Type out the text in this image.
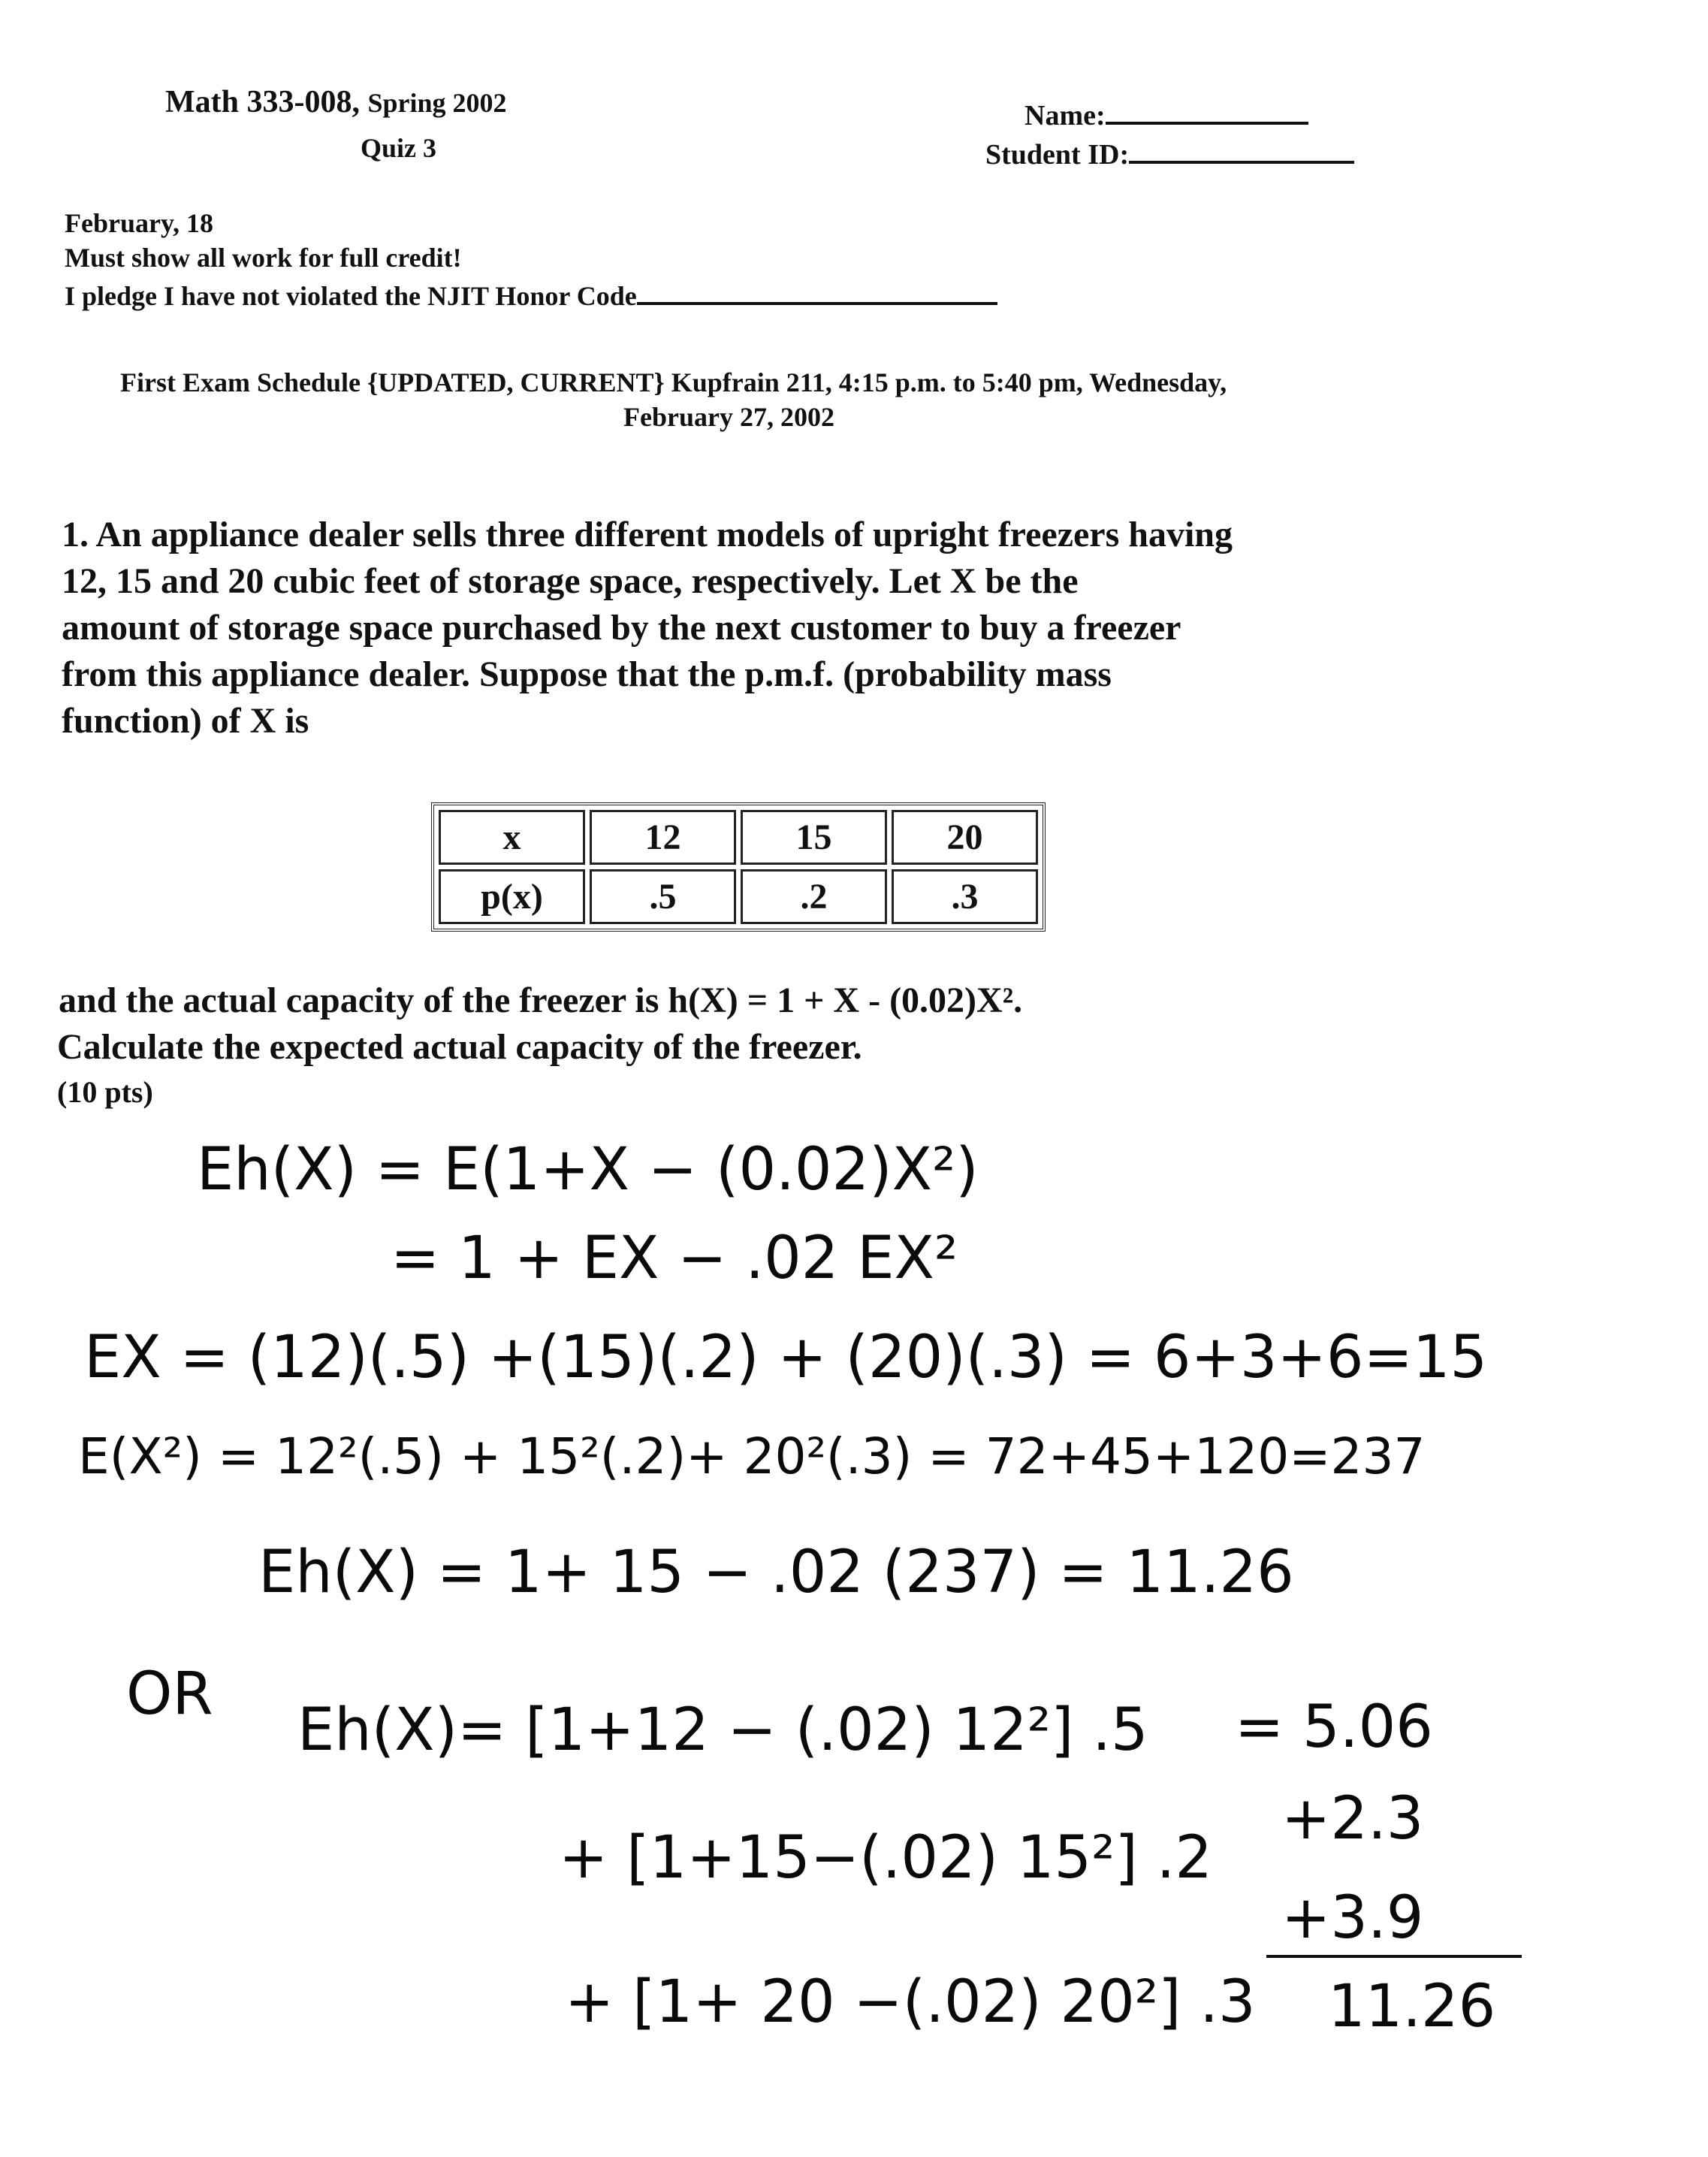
Math 333-008, Spring 2002
Quiz 3
Name:
Student ID:
February, 18
Must show all work for full credit!
I pledge I have not violated the NJIT Honor Code
First Exam Schedule {UPDATED, CURRENT} Kupfrain 211, 4:15 p.m. to 5:40 pm, Wednesday,
February 27, 2002
1. An appliance dealer sells three different models of upright freezers having
12, 15 and 20 cubic feet of storage space, respectively. Let X be the
amount of storage space purchased by the next customer to buy a freezer
from this appliance dealer. Suppose that the p.m.f. (probability mass
function) of X is
x	12	15	20
p(x)	.5	.2	.3
and the actual capacity of the freezer is h(X) = 1 + X - (0.02)X².
Calculate the expected actual capacity of the freezer.
(10 pts)
Eh(X) = E(1+X − (0.02)X²)
= 1 + EX − .02 EX²
EX = (12)(.5) +(15)(.2) + (20)(.3) = 6+3+6=15
E(X²) = 12²(.5) + 15²(.2)+ 20²(.3) = 72+45+120=237
Eh(X) = 1+ 15 − .02 (237) = 11.26
OR
Eh(X)= [1+12 − (.02) 12²] .5
+ [1+15−(.02) 15²] .2
+ [1+ 20 −(.02) 20²] .3
= 5.06
+2.3
+3.9
11.26
